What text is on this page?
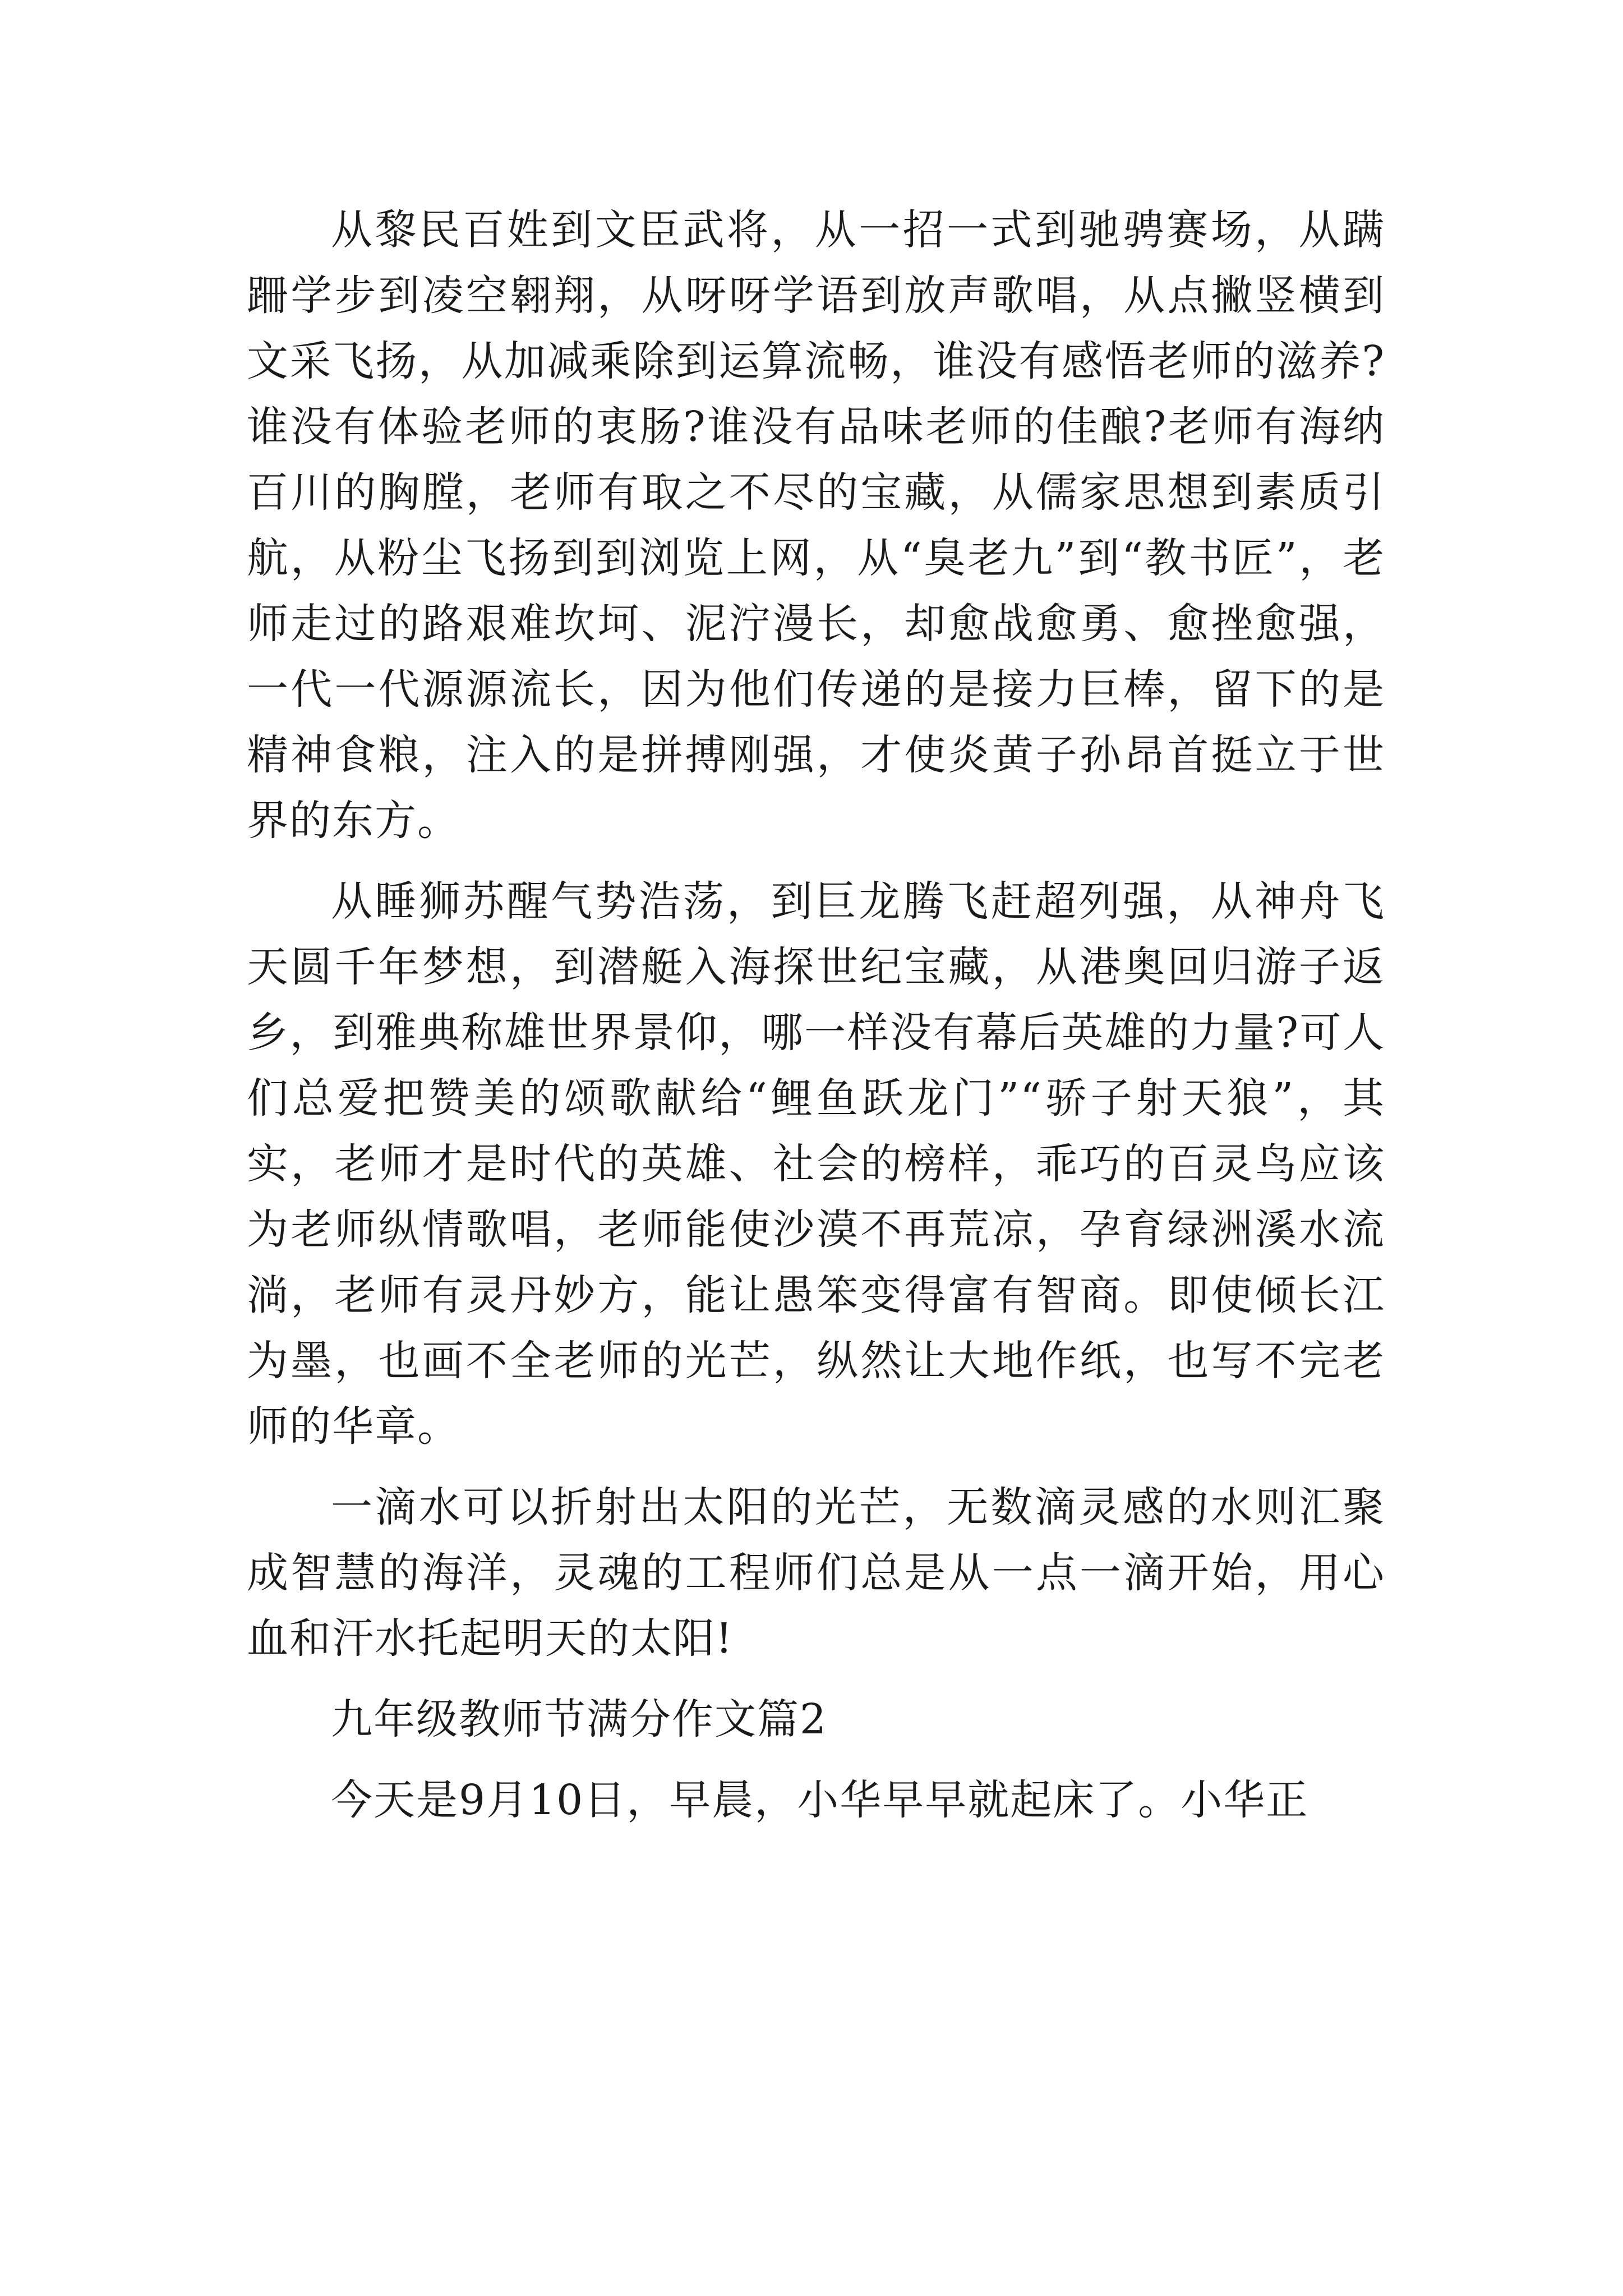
从黎民百姓到文臣武将，从一招一式到驰骋赛场，从蹒跚学步到凌空翱翔，从呀呀学语到放声歌唱，从点撇竖横到文采飞扬，从加减乘除到运算流畅，谁没有感悟老师的滋养?谁没有体验老师的衷肠?谁没有品味老师的佳酿?老师有海纳百川的胸膛，老师有取之不尽的宝藏，从儒家思想到素质引航，从粉尘飞扬到到浏览上网，从“臭老九”到“教书匠”，老师走过的路艰难坎坷、泥泞漫长，却愈战愈勇、愈挫愈强，一代一代源源流长，因为他们传递的是接力巨棒，留下的是精神食粮，注入的是拼搏刚强，才使炎黄子孙昂首挺立于世界的东方。

从睡狮苏醒气势浩荡，到巨龙腾飞赶超列强，从神舟飞天圆千年梦想，到潜艇入海探世纪宝藏，从港奥回归游子返乡，到雅典称雄世界景仰，哪一样没有幕后英雄的力量?可人们总爱把赞美的颂歌献给“鲤鱼跃龙门”“骄子射天狼”，其实，老师才是时代的英雄、社会的榜样，乖巧的百灵鸟应该为老师纵情歌唱，老师能使沙漠不再荒凉，孕育绿洲溪水流淌，老师有灵丹妙方，能让愚笨变得富有智商。即使倾长江为墨，也画不全老师的光芒，纵然让大地作纸，也写不完老师的华章。

一滴水可以折射出太阳的光芒，无数滴灵感的水则汇聚成智慧的海洋，灵魂的工程师们总是从一点一滴开始，用心血和汗水托起明天的太阳!

九年级教师节满分作文篇2

今天是9月10日，早晨，小华早早就起床了。小华正
